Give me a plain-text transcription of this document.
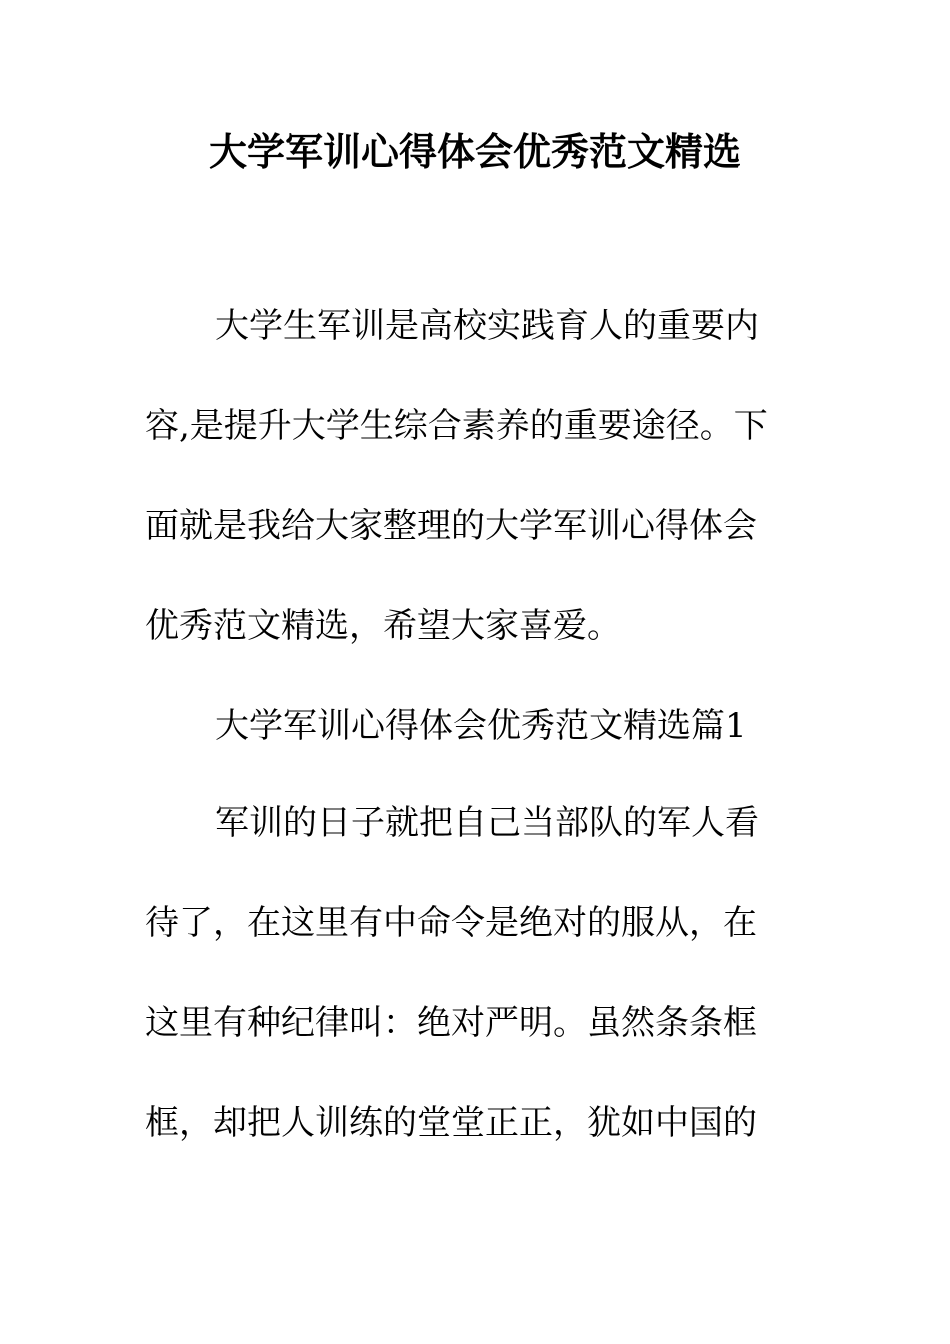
大学军训心得体会优秀范文精选
大学生军训是高校实践育人的重要内
容,是提升大学生综合素养的重要途径。下
面就是我给大家整理的大学军训心得体会
优秀范文精选，希望大家喜爱。
大学军训心得体会优秀范文精选篇1
军训的日子就把自己当部队的军人看
待了，在这里有中命令是绝对的服从，在
这里有种纪律叫：绝对严明。虽然条条框
框，却把人训练的堂堂正正，犹如中国的
